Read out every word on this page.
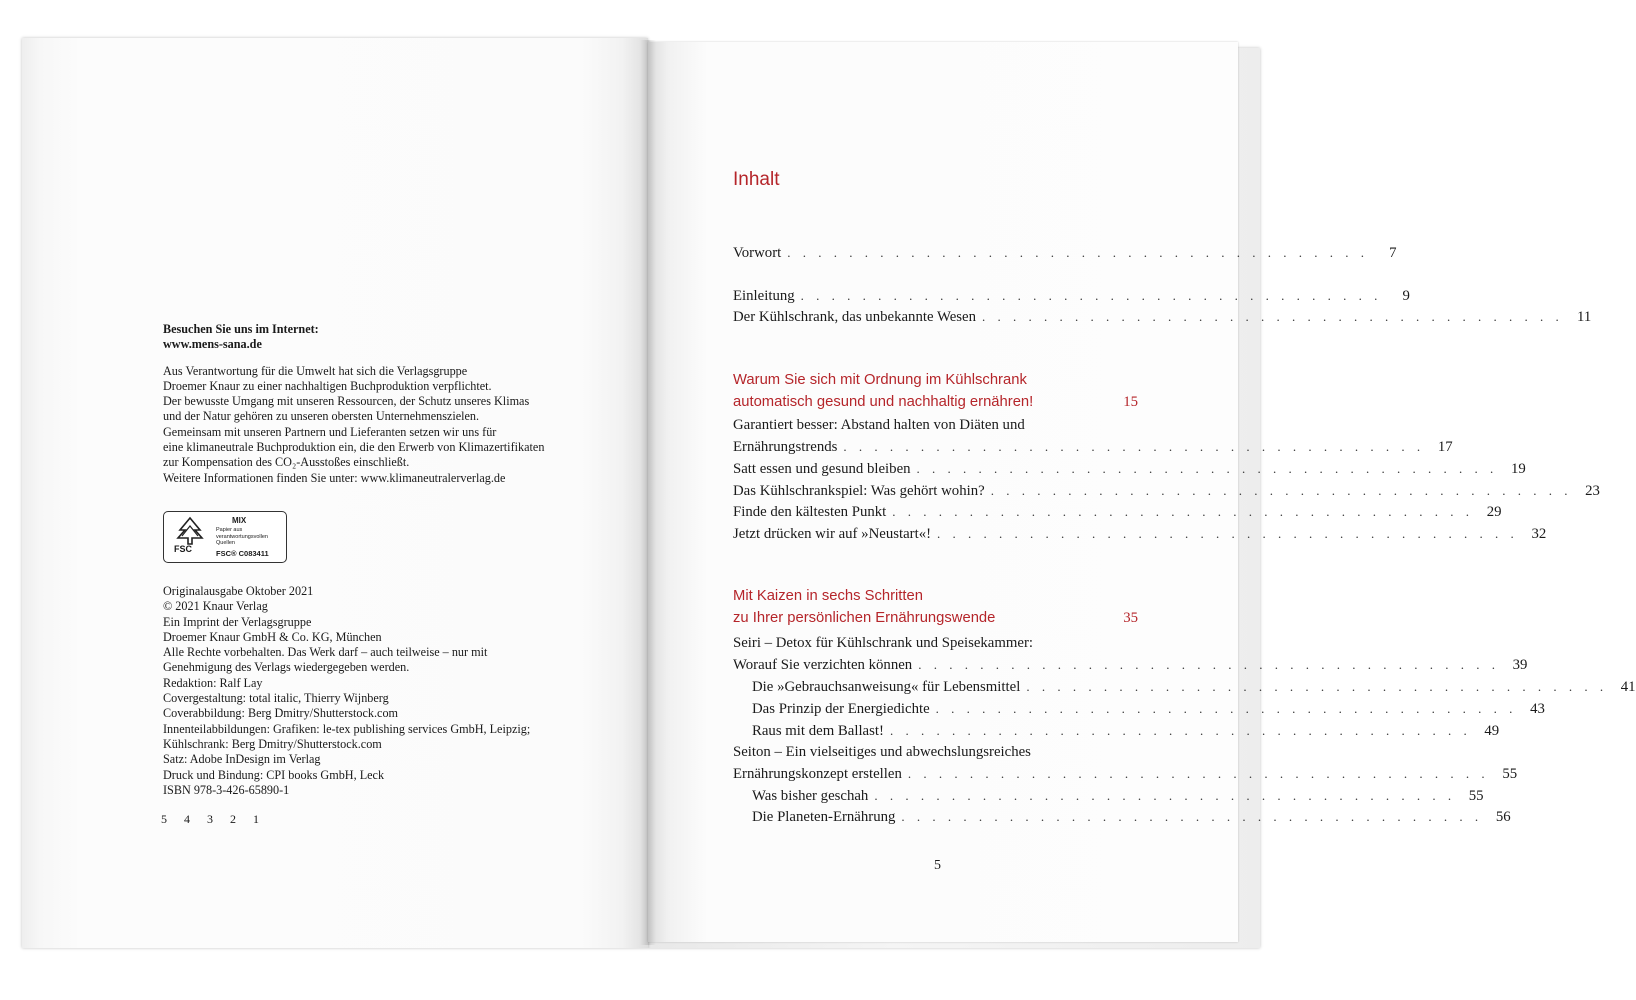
Besuchen Sie uns im Internet:
www.mens-sana.de
Aus Verantwortung für die Umwelt hat sich die Verlagsgruppe
Droemer Knaur zu einer nachhaltigen Buchproduktion verpflichtet.
Der bewusste Umgang mit unseren Ressourcen, der Schutz unseres Klimas
und der Natur gehören zu unseren obersten Unternehmenszielen.
Gemeinsam mit unseren Partnern und Lieferanten setzen wir uns für
eine klimaneutrale Buchproduktion ein, die den Erwerb von Klimazertifikaten
zur Kompensation des CO₂-Ausstoßes einschließt.
Weitere Informationen finden Sie unter: www.klimaneutralerverlag.de
FSC
MIX
Papier aus verantwortungsvollen Quellen
FSC® C083411
Originalausgabe Oktober 2021
© 2021 Knaur Verlag
Ein Imprint der Verlagsgruppe
Droemer Knaur GmbH & Co. KG, München
Alle Rechte vorbehalten. Das Werk darf – auch teilweise – nur mit
Genehmigung des Verlags wiedergegeben werden.
Redaktion: Ralf Lay
Covergestaltung: total italic, Thierry Wijnberg
Coverabbildung: Berg Dmitry/Shutterstock.com
Innenteilabbildungen: Grafiken: le-tex publishing services GmbH, Leipzig;
Kühlschrank: Berg Dmitry/Shutterstock.com
Satz: Adobe InDesign im Verlag
Druck und Bindung: CPI books GmbH, Leck
ISBN 978-3-426-65890-1
5 4 3 2 1
Inhalt
Vorwort . . . . . . . . . . . . . . . . . . . . . . . . . . . . . . . . . . . . . .	7
Einleitung . . . . . . . . . . . . . . . . . . . . . . . . . . . . . . . . . . . . . .	9
Der Kühlschrank, das unbekannte Wesen . . . . . . . . . . . . . . . . . . . . . . . . . . . . . . . . . . . . . . 11
Warum Sie sich mit Ordnung im Kühlschrank
automatisch gesund und nachhaltig ernähren!	15
Garantiert besser: Abstand halten von Diäten und
Ernährungstrends . . . . . . . . . . . . . . . . . . . . . . . . . . . . . . . . . . . . . . 17
Satt essen und gesund bleiben . . . . . . . . . . . . . . . . . . . . . . . . . . . . . . . . . . . . . . 19
Das Kühlschrankspiel: Was gehört wohin? . . . . . . . . . . . . . . . . . . . . . . . . . . . . . . . . . . . . . . 23
Finde den kältesten Punkt . . . . . . . . . . . . . . . . . . . . . . . . . . . . . . . . . . . . . . 29
Jetzt drücken wir auf »Neustart«! . . . . . . . . . . . . . . . . . . . . . . . . . . . . . . . . . . . . . . 32
Mit Kaizen in sechs Schritten
zu Ihrer persönlichen Ernährungswende	35
Seiri – Detox für Kühlschrank und Speisekammer:
Worauf Sie verzichten können . . . . . . . . . . . . . . . . . . . . . . . . . . . . . . . . . . . . . . 39
Die »Gebrauchsanweisung« für Lebensmittel . . . . . . . . . . . . . . . . . . . . . . . . . . . . . . . . . . . . . . 41
Das Prinzip der Energiedichte . . . . . . . . . . . . . . . . . . . . . . . . . . . . . . . . . . . . . . 43
Raus mit dem Ballast! . . . . . . . . . . . . . . . . . . . . . . . . . . . . . . . . . . . . . . 49
Seiton – Ein vielseitiges und abwechslungsreiches
Ernährungskonzept erstellen . . . . . . . . . . . . . . . . . . . . . . . . . . . . . . . . . . . . . . 55
Was bisher geschah . . . . . . . . . . . . . . . . . . . . . . . . . . . . . . . . . . . . . . 55
Die Planeten-Ernährung . . . . . . . . . . . . . . . . . . . . . . . . . . . . . . . . . . . . . . 56
5
